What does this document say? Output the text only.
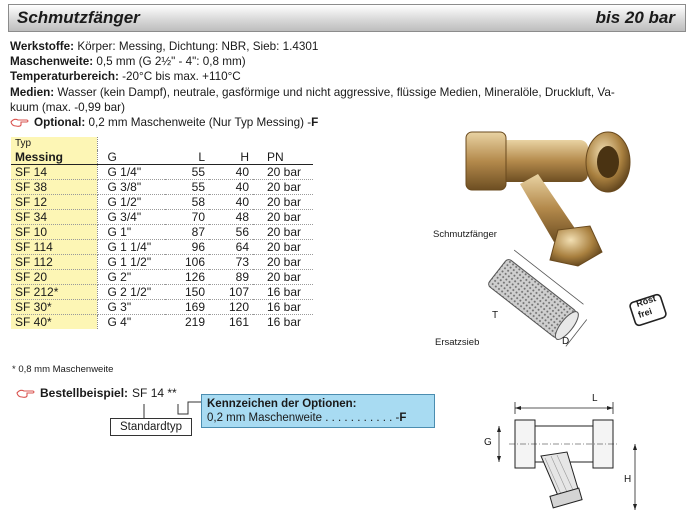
Schmutzfänger	bis 20 bar
Werkstoffe: Körper: Messing, Dichtung: NBR, Sieb: 1.4301
Maschenweite: 0,5 mm (G 2½" - 4": 0,8 mm)
Temperaturbereich: -20°C bis max. +110°C
Medien: Wasser (kein Dampf), neutrale, gasförmige und nicht aggressive, flüssige Medien, Mineralöle, Druckluft, Va-
kuum (max. -0,99 bar)
Optional: 0,2 mm Maschenweite (Nur Typ Messing) -F
Typ				
Messing	G	L	H	PN
SF 14	G 1/4"	55	40	20 bar
SF 38	G 3/8"	55	40	20 bar
SF 12	G 1/2"	58	40	20 bar
SF 34	G 3/4"	70	48	20 bar
SF 10	G 1"	87	56	20 bar
SF 114	G 1 1/4"	96	64	20 bar
SF 112	G 1 1/2"	106	73	20 bar
SF 20	G 2"	126	89	20 bar
SF 212*	G 2 1/2"	150	107	16 bar
SF 30*	G 3"	169	120	16 bar
SF 40*	G 4"	219	161	16 bar
* 0,8 mm Maschenweite
Bestellbeispiel: SF 14 **
Standardtyp
Kennzeichen der Optionen:
0,2 mm Maschenweite . . . . . . . . . . . -F
Schmutzfänger
T
D
Ersatzsieb
Rost
frei
L
G
H
